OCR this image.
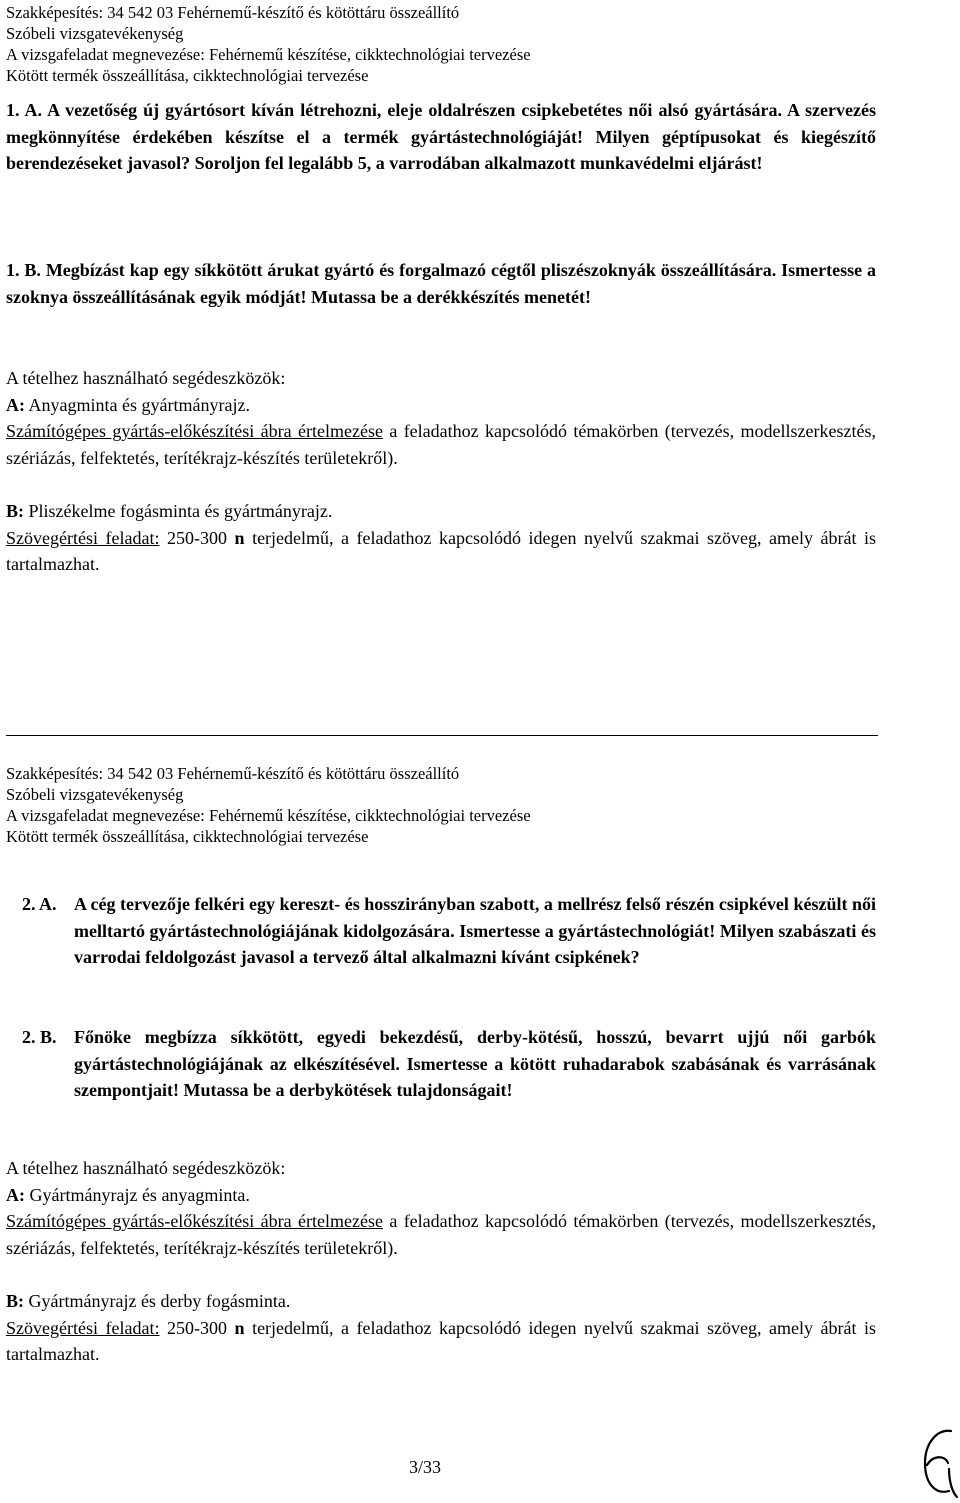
Szakképesítés: 34 542 03 Fehérnemű-készítő és kötöttáru összeállító
Szóbeli vizsgatevékenység
A vizsgafeladat megnevezése: Fehérnemű készítése, cikktechnológiai tervezése
Kötött termék összeállítása, cikktechnológiai tervezése
1. A. A vezetőség új gyártósort kíván létrehozni, eleje oldalrészen csipkebetétes női alsó gyártására. A szervezés megkönnyítése érdekében készítse el a termék gyártástechnológiáját! Milyen géptípusokat és kiegészítő berendezéseket javasol? Soroljon fel legalább 5, a varrodában alkalmazott munkavédelmi eljárást!
1. B. Megbízást kap egy síkkötött árukat gyártó és forgalmazó cégtől pliszészoknyák összeállítására. Ismertesse a szoknya összeállításának egyik módját! Mutassa be a derékkészítés menetét!
A tételhez használható segédeszközök:
A: Anyagminta és gyártmányrajz.
Számítógépes gyártás-előkészítési ábra értelmezése a feladathoz kapcsolódó témakörben (tervezés, modellszerkesztés, szériázás, felfektetés, terítékrajz-készítés területekről).
B: Pliszékelme fogásminta és gyártmányrajz.
Szövegértési feladat: 250-300 n terjedelmű, a feladathoz kapcsolódó idegen nyelvű szakmai szöveg, amely ábrát is tartalmazhat.
Szakképesítés: 34 542 03 Fehérnemű-készítő és kötöttáru összeállító
Szóbeli vizsgatevékenység
A vizsgafeladat megnevezése: Fehérnemű készítése, cikktechnológiai tervezése
Kötött termék összeállítása, cikktechnológiai tervezése
2. A. A cég tervezője felkéri egy kereszt- és hosszirányban szabott, a mellrész felső részén csipkével készült női melltartó gyártástechnológiájának kidolgozására. Ismertesse a gyártástechnológiát! Milyen szabászati és varrodai feldolgozást javasol a tervező által alkalmazni kívánt csipkének?
2. B. Főnöke megbízza síkkötött, egyedi bekezdésű, derby-kötésű, hosszú, bevarrt ujjú női garbók gyártástechnológiájának az elkészítésével. Ismertesse a kötött ruhadarabok szabásának és varrásának szempontjait! Mutassa be a derbykötések tulajdonságait!
A tételhez használható segédeszközök:
A: Gyártmányrajz és anyagminta.
Számítógépes gyártás-előkészítési ábra értelmezése a feladathoz kapcsolódó témakörben (tervezés, modellszerkesztés, szériázás, felfektetés, terítékrajz-készítés területekről).
B: Gyártmányrajz és derby fogásminta.
Szövegértési feladat: 250-300 n terjedelmű, a feladathoz kapcsolódó idegen nyelvű szakmai szöveg, amely ábrát is tartalmazhat.
3/33
